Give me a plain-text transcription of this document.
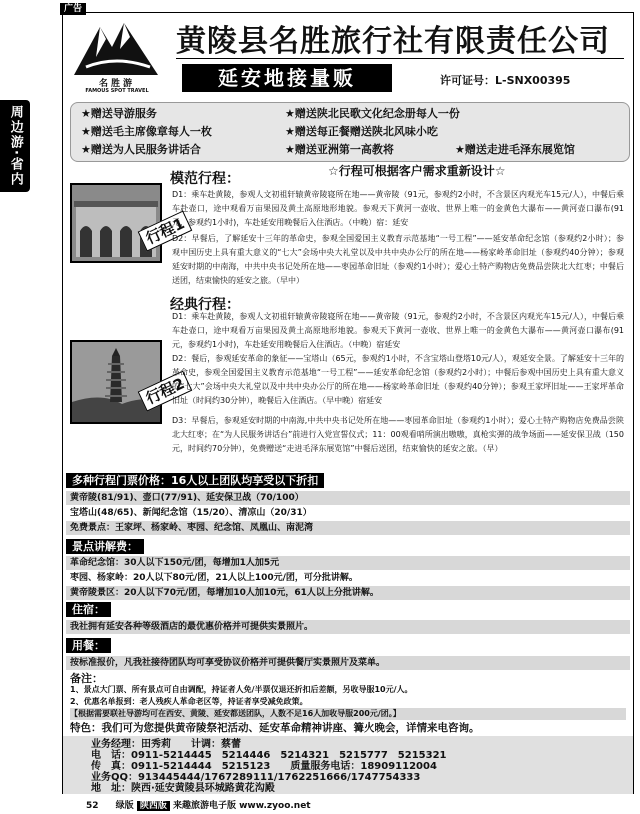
广告
周边游·省内
名胜游
FAMOUS SPOT TRAVEL
黄陵县名胜旅行社有限责任公司
延安地接量贩	许可证号：L-SNX00395
★赠送导游服务	★赠送陕北民歌文化纪念册每人一份
★赠送毛主席像章每人一枚	★赠送每正餐赠送陕北风味小吃
★赠送为人民服务讲话合	★赠送亚洲第一高教将	★赠送走进毛泽东展览馆
☆行程可根据客户需求重新设计☆
模范行程：
行程1
D1：乘车赴黄陵，参观人文初祖轩辕黄帝陵寝所在地——黄帝陵（91元，参观约2小时，不含景区内观光车15元/人），中餐后乘车赴壶口，途中观看万亩果园及黄土高原地形地貌。参观天下黄河一壶收、世界上唯一的金黄色大瀑布——黄河壶口瀑布(91元，参观约1小时)，车赴延安用晚餐后入住酒店。（中晚）宿：延安
D2：早餐后，了解延安十三年的革命史，参观全国爱国主义教育示范基地“一号工程”——延安革命纪念馆（参观约2小时）；参观中国历史上具有重大意义的“七大”会场中央大礼堂以及中共中央办公厅的所在地——杨家岭革命旧址（参观约40分钟）；参观延安时期的中南海，中共中央书记处所在地——枣园革命旧址（参观约1小时）；爱心土特产购物店免费品尝陕北大红枣；中餐后送团，结束愉快的延安之旅。（早中）
经典行程：
行程2
D1：乘车赴黄陵，参观人文初祖轩辕黄帝陵寝所在地——黄帝陵（91元，参观约2小时，不含景区内观光车15元/人），中餐后乘车赴壶口，途中观看万亩果园及黄土高原地形地貌。参观天下黄河一壶收、世界上唯一的金黄色大瀑布——黄河壶口瀑布(91元，参观约1小时)，车赴延安用晚餐后入住酒店。（中晚）宿延安
D2：餐后，参观延安革命的象征——宝塔山（65元，参观约1小时，不含宝塔山登塔10元/人），观延安全景。了解延安十三年的革命史，参观全国爱国主义教育示范基地“一号工程”——延安革命纪念馆（参观约2小时）；中餐后参观中国历史上具有重大意义的“七大”会场中央大礼堂以及中共中央办公厅的所在地——杨家岭革命旧址（参观约40分钟）；参观王家坪旧址——王家坪革命旧址（时间约30分钟），晚餐后入住酒店。（早中晚）宿延安
D3：早餐后，参观延安时期的中南海,中共中央书记处所在地——枣园革命旧址（参观约1小时）；爱心土特产购物店免费品尝陕北大红枣；在“为人民服务讲话台”前进行入党宣誓仪式；11：00观看哨所演出嗷嗷，真枪实弹的战争场面——延安保卫战（150元，时间约70分钟），免费赠送“走进毛泽东展览馆”中餐后送团，结束愉快的延安之旅。（早）
多种行程门票价格：16人以上团队均享受以下折扣
黄帝陵(81/91)、壶口(77/91)、延安保卫战（70/100）
宝塔山(48/65)、新闻纪念馆（15/20）、清凉山（20/31）
免费景点：王家坪、杨家岭、枣园、纪念馆、凤凰山、南泥湾
景点讲解费：
革命纪念馆：30人以下150元/团，每增加1人加5元
枣园、杨家岭：20人以下80元/团，21人以上100元/团，可分批讲解。
黄帝陵景区：20人以下70元/团，每增加10人加10元，61人以上分批讲解。
住宿：
我社拥有延安各种等级酒店的最优惠价格并可提供实景照片。
用餐：
按标准报价，凡我社接待团队均可享受协议价格并可提供餐厅实景照片及菜单。
备注：
1、景点大门票、所有景点可自由调配，持证者人免/半票仅退还折扣后差额，另收导服10元/人。
2、优惠名单报到：老人残疾人革命老区等，持证者享受减免政策。
【根据需要联社导游均可在西安、黄陵、延安都送团队，人数不足16人加收导服200元/团。】
特色：我们可为您提供黄帝陵祭祀活动、延安革命精神讲座、篝火晚会，详情来电咨询。
业务经理：田秀莉　　计调：蔡蕾
电　话：0911-5214445　5214446　5214321　5215777　5215321
传　真：0911-5214444　5215123　　质量服务电话：18909112004
业务QQ：913445444/1767289111/1762251666/1747754333
地　址：陕西·延安黄陵县环城路黄花沟殿
52 绿版 陕西版 来趣旅游电子版 www.zyoo.net
